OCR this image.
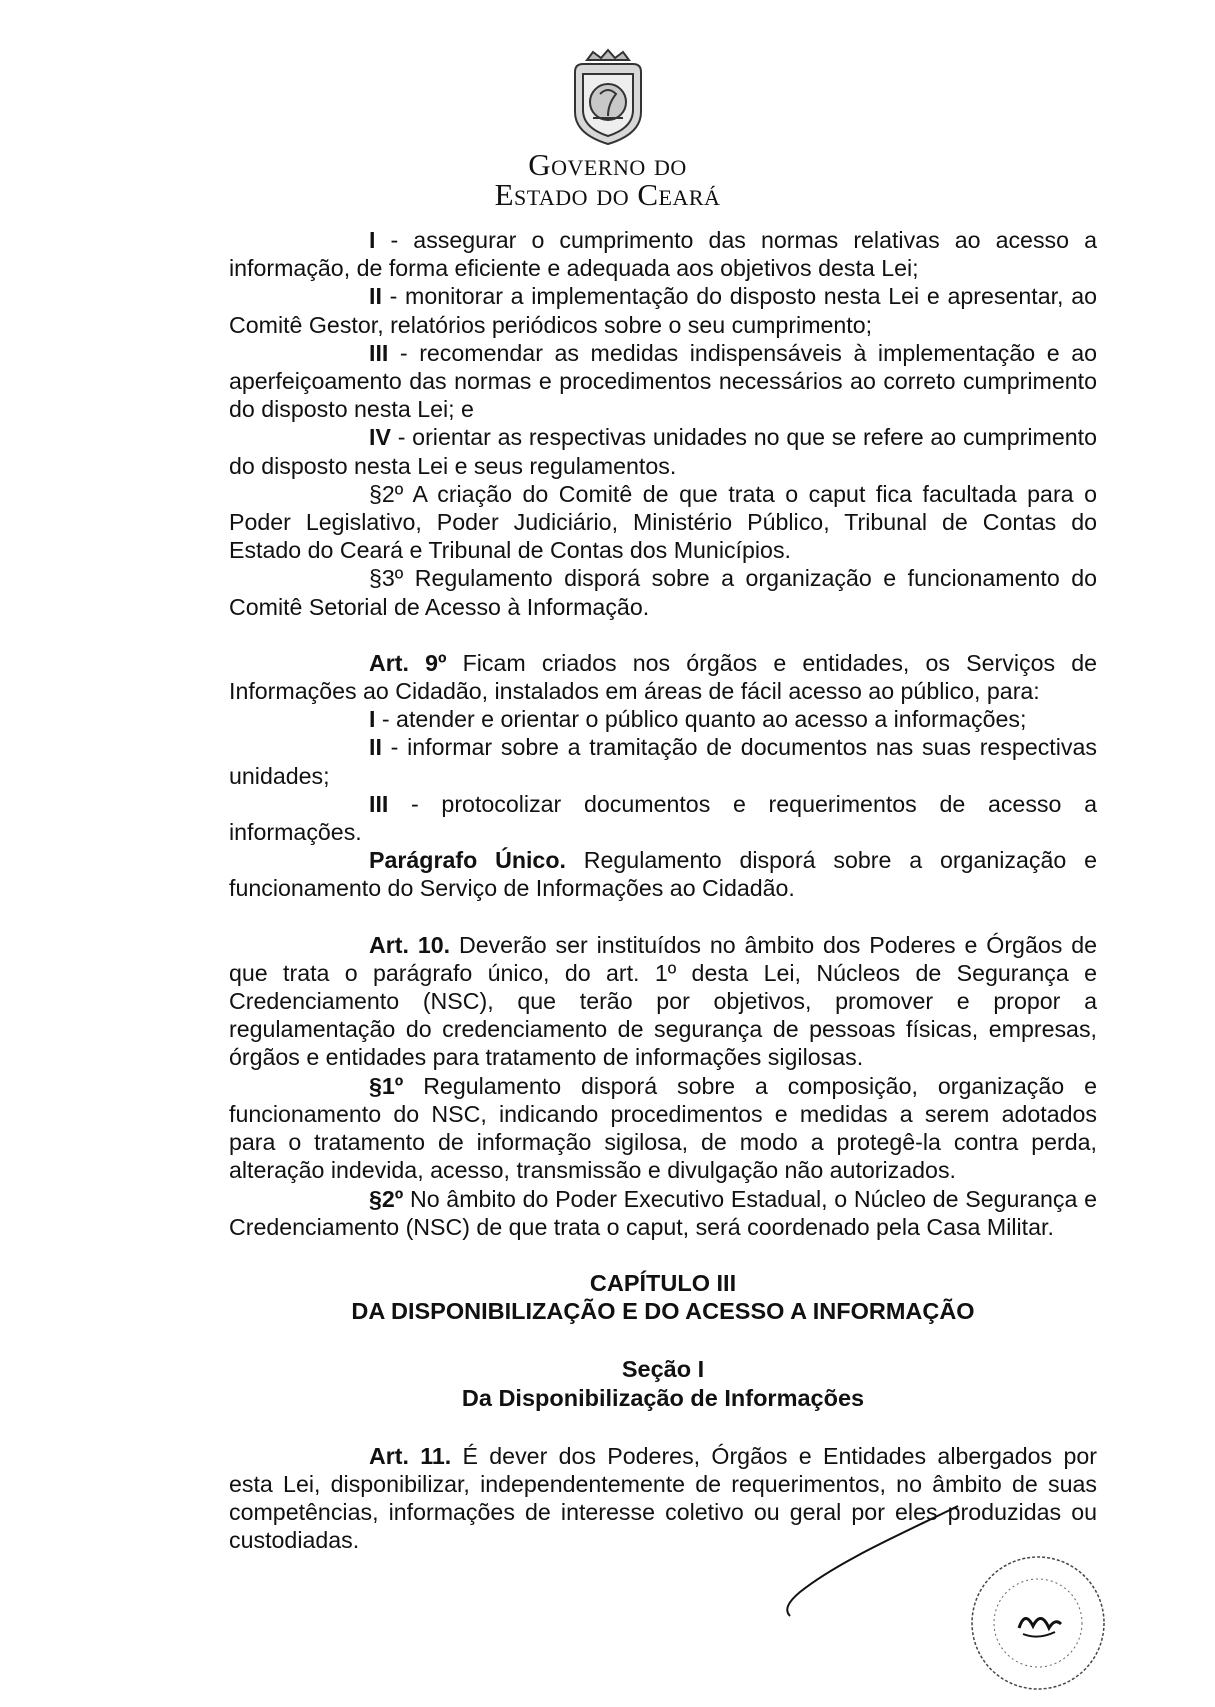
Governo do
Estado do Ceará

I - assegurar o cumprimento das normas relativas ao acesso a informação, de forma eficiente e adequada aos objetivos desta Lei;

II - monitorar a implementação do disposto nesta Lei e apresentar, ao Comitê Gestor, relatórios periódicos sobre o seu cumprimento;

III - recomendar as medidas indispensáveis à implementação e ao aperfeiçoamento das normas e procedimentos necessários ao correto cumprimento do disposto nesta Lei; e

IV - orientar as respectivas unidades no que se refere ao cumprimento do disposto nesta Lei e seus regulamentos.

§2º A criação do Comitê de que trata o caput fica facultada para o Poder Legislativo, Poder Judiciário, Ministério Público, Tribunal de Contas do Estado do Ceará e Tribunal de Contas dos Municípios.

§3º Regulamento disporá sobre a organização e funcionamento do Comitê Setorial de Acesso à Informação.

Art. 9º Ficam criados nos órgãos e entidades, os Serviços de Informações ao Cidadão, instalados em áreas de fácil acesso ao público, para:

I - atender e orientar o público quanto ao acesso a informações;

II - informar sobre a tramitação de documentos nas suas respectivas unidades;

III - protocolizar documentos e requerimentos de acesso a informações.

Parágrafo Único. Regulamento disporá sobre a organização e funcionamento do Serviço de Informações ao Cidadão.

Art. 10. Deverão ser instituídos no âmbito dos Poderes e Órgãos de que trata o parágrafo único, do art. 1º desta Lei, Núcleos de Segurança e Credenciamento (NSC), que terão por objetivos, promover e propor a regulamentação do credenciamento de segurança de pessoas físicas, empresas, órgãos e entidades para tratamento de informações sigilosas.

§1º Regulamento disporá sobre a composição, organização e funcionamento do NSC, indicando procedimentos e medidas a serem adotados para o tratamento de informação sigilosa, de modo a protegê-la contra perda, alteração indevida, acesso, transmissão e divulgação não autorizados.

§2º No âmbito do Poder Executivo Estadual, o Núcleo de Segurança e Credenciamento (NSC) de que trata o caput, será coordenado pela Casa Militar.

CAPÍTULO III
DA DISPONIBILIZAÇÃO E DO ACESSO A INFORMAÇÃO
Seção I
Da Disponibilização de Informações

Art. 11. É dever dos Poderes, Órgãos e Entidades albergados por esta Lei, disponibilizar, independentemente de requerimentos, no âmbito de suas competências, informações de interesse coletivo ou geral por eles produzidas ou custodiadas.
